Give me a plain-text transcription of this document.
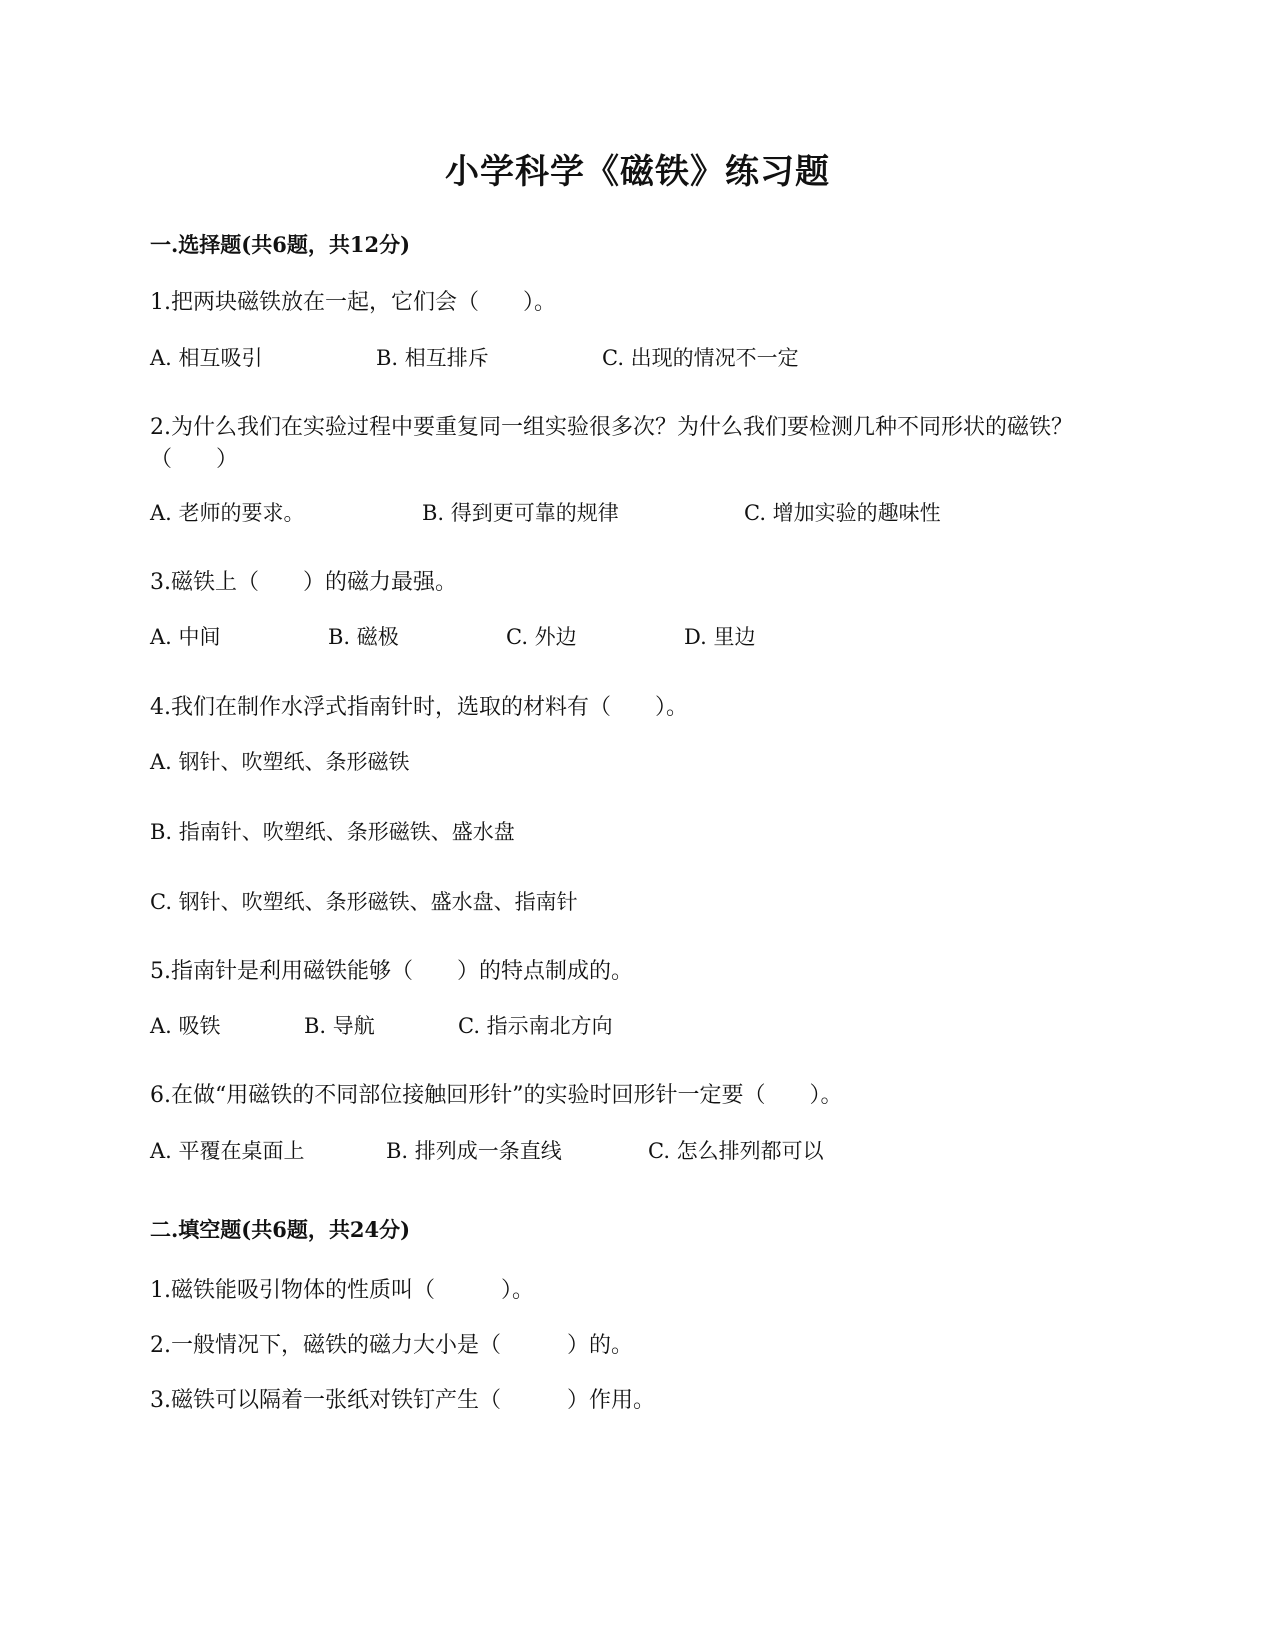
小学科学《磁铁》练习题
一.选择题(共6题，共12分)
1.把两块磁铁放在一起，它们会（　　）。
A. 相互吸引	B. 相互排斥	C. 出现的情况不一定
2.为什么我们在实验过程中要重复同一组实验很多次？为什么我们要检测几种不同形状的磁铁？（　　）
A. 老师的要求。	B. 得到更可靠的规律	C. 增加实验的趣味性
3.磁铁上（　　）的磁力最强。
A. 中间	B. 磁极	C. 外边	D. 里边
4.我们在制作水浮式指南针时，选取的材料有（　　）。
A. 钢针、吹塑纸、条形磁铁
B. 指南针、吹塑纸、条形磁铁、盛水盘
C. 钢针、吹塑纸、条形磁铁、盛水盘、指南针
5.指南针是利用磁铁能够（　　）的特点制成的。
A. 吸铁	B. 导航	C. 指示南北方向
6.在做“用磁铁的不同部位接触回形针”的实验时回形针一定要（　　）。
A. 平覆在桌面上	B. 排列成一条直线	C. 怎么排列都可以
二.填空题(共6题，共24分)
1.磁铁能吸引物体的性质叫（　　　）。
2.一般情况下，磁铁的磁力大小是（　　　）的。
3.磁铁可以隔着一张纸对铁钉产生（　　　）作用。
